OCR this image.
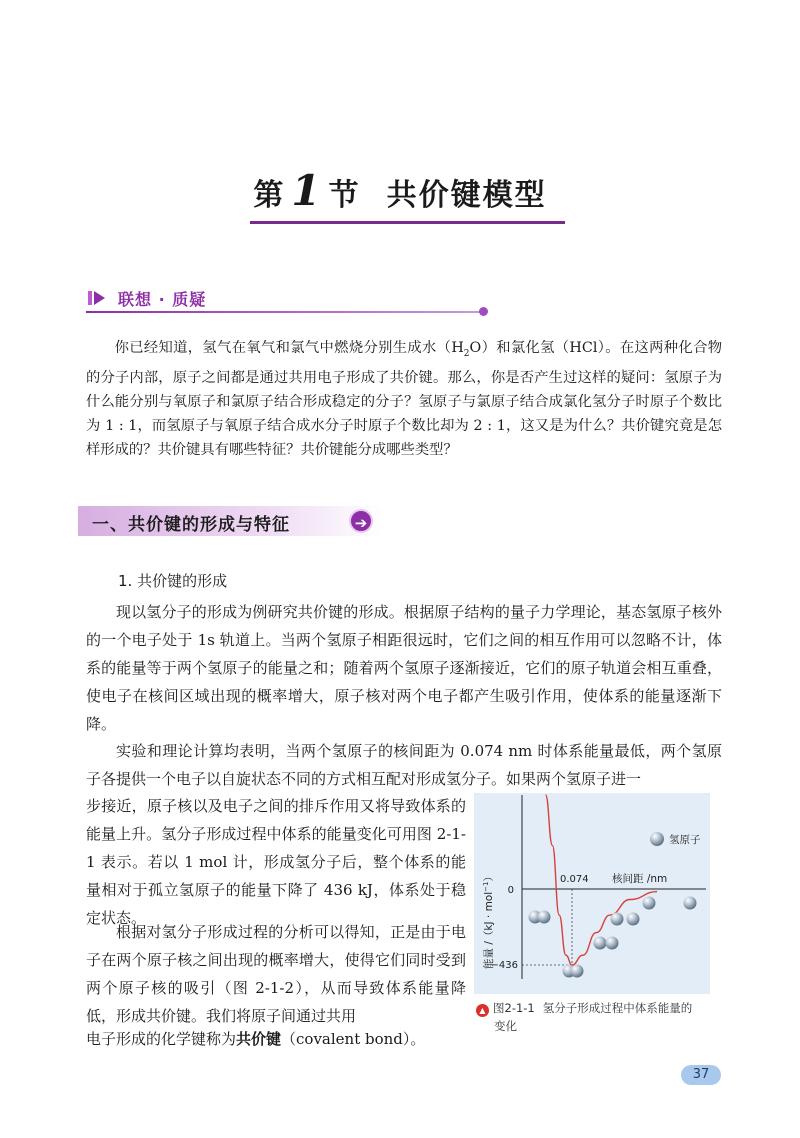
第 1 节 共价键模型
联想 · 质疑
你已经知道，氢气在氧气和氯气中燃烧分别生成水$(H_2O)$和氯化氢（HCl）。在这两种化合物的分子内部，原子之间都是通过共用电子形成了共价键。那么，你是否产生过这样的疑问：氢原子为什么能分别与氧原子和氯原子结合形成稳定的分子？氢原子与氯原子结合成氯化氢分子时原子个数比为 1 : 1，而氢原子与氧原子结合成水分子时原子个数比却为 2 : 1，这又是为什么？共价键究竟是怎样形成的？共价键具有哪些特征？共价键能分成哪些类型？
一、共价键的形成与特征	➔
1. 共价键的形成
现以氢分子的形成为例研究共价键的形成。根据原子结构的量子力学理论，基态氢原子核外的一个电子处于 1s 轨道上。当两个氢原子相距很远时，它们之间的相互作用可以忽略不计，体系的能量等于两个氢原子的能量之和；随着两个氢原子逐渐接近，它们的原子轨道会相互重叠，使电子在核间区域出现的概率增大，原子核对两个电子都产生吸引作用，使体系的能量逐渐下降。
实验和理论计算均表明，当两个氢原子的核间距为 0.074 nm 时体系能量最低，两个氢原子各提供一个电子以自旋状态不同的方式相互配对形成氢分子。如果两个氢原子进一
步接近，原子核以及电子之间的排斥作用又将导致体系的能量上升。氢分子形成过程中体系的能量变化可用图 2-1-1 表示。若以 1 mol 计，形成氢分子后，整个体系的能量相对于孤立氢原子的能量下降了 436 kJ，体系处于稳定状态。
根据对氢分子形成过程的分析可以得知，正是由于电子在两个原子核之间出现的概率增大，使得它们同时受到两个原子核的吸引（图 2-1-2），从而导致体系能量降低，形成共价键。我们将原子间通过共用
电子形成的化学键称为共价键（covalent bond）。
0
−436
0.074 核间距 /nm
能量 /（kJ · mol$^{-1}$）
氢原子
▲ 图2-1-1 氢分子形成过程中体系能量的
变化
37
